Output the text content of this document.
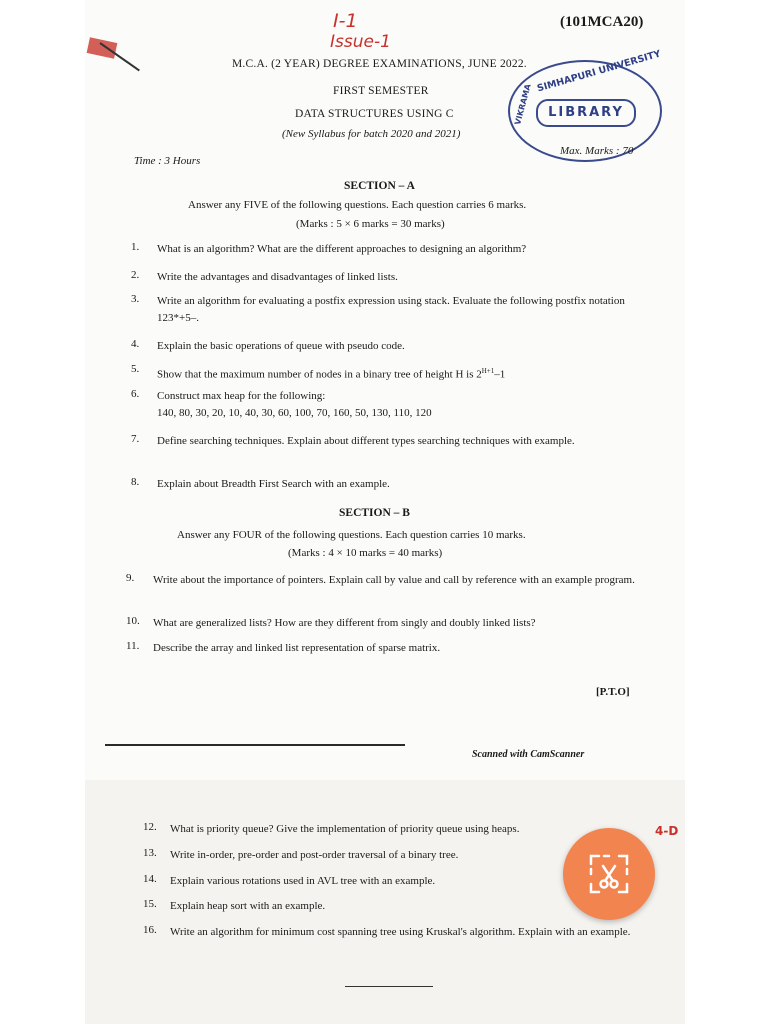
I-1
Issue-1
(101MCA20)
M.C.A. (2 YEAR) DEGREE EXAMINATIONS, JUNE 2022.
FIRST SEMESTER
DATA STRUCTURES USING C
(New Syllabus for batch 2020 and 2021)
Time : 3 Hours
SIMHAPURI UNIVERSITY
VIKRAMA	LIBRARY
Max. Marks : 70
SECTION – A
Answer any FIVE of the following questions. Each question carries 6 marks.
(Marks : 5 × 6 marks = 30 marks)
1. What is an algorithm? What are the different approaches to designing an algorithm?
2. Write the advantages and disadvantages of linked lists.
3. Write an algorithm for evaluating a postfix expression using stack. Evaluate the following postfix notation 123*+5–.
4. Explain the basic operations of queue with pseudo code.
5. Show that the maximum number of nodes in a binary tree of height H is $2^{H+1}-1$
6. Construct max heap for the following:
140, 80, 30, 20, 10, 40, 30, 60, 100, 70, 160, 50, 130, 110, 120
7. Define searching techniques. Explain about different types searching techniques with example.
8. Explain about Breadth First Search with an example.
SECTION – B
Answer any FOUR of the following questions. Each question carries 10 marks.
(Marks : 4 × 10 marks = 40 marks)
9. Write about the importance of pointers. Explain call by value and call by reference with an example program.
10. What are generalized lists? How are they different from singly and doubly linked lists?
11. Describe the array and linked list representation of sparse matrix.
[P.T.O]
Scanned with CamScanner
4-D
12. What is priority queue? Give the implementation of priority queue using heaps.
13. Write in-order, pre-order and post-order traversal of a binary tree.
14. Explain various rotations used in AVL tree with an example.
15. Explain heap sort with an example.
16. Write an algorithm for minimum cost spanning tree using Kruskal's algorithm. Explain with an example.
